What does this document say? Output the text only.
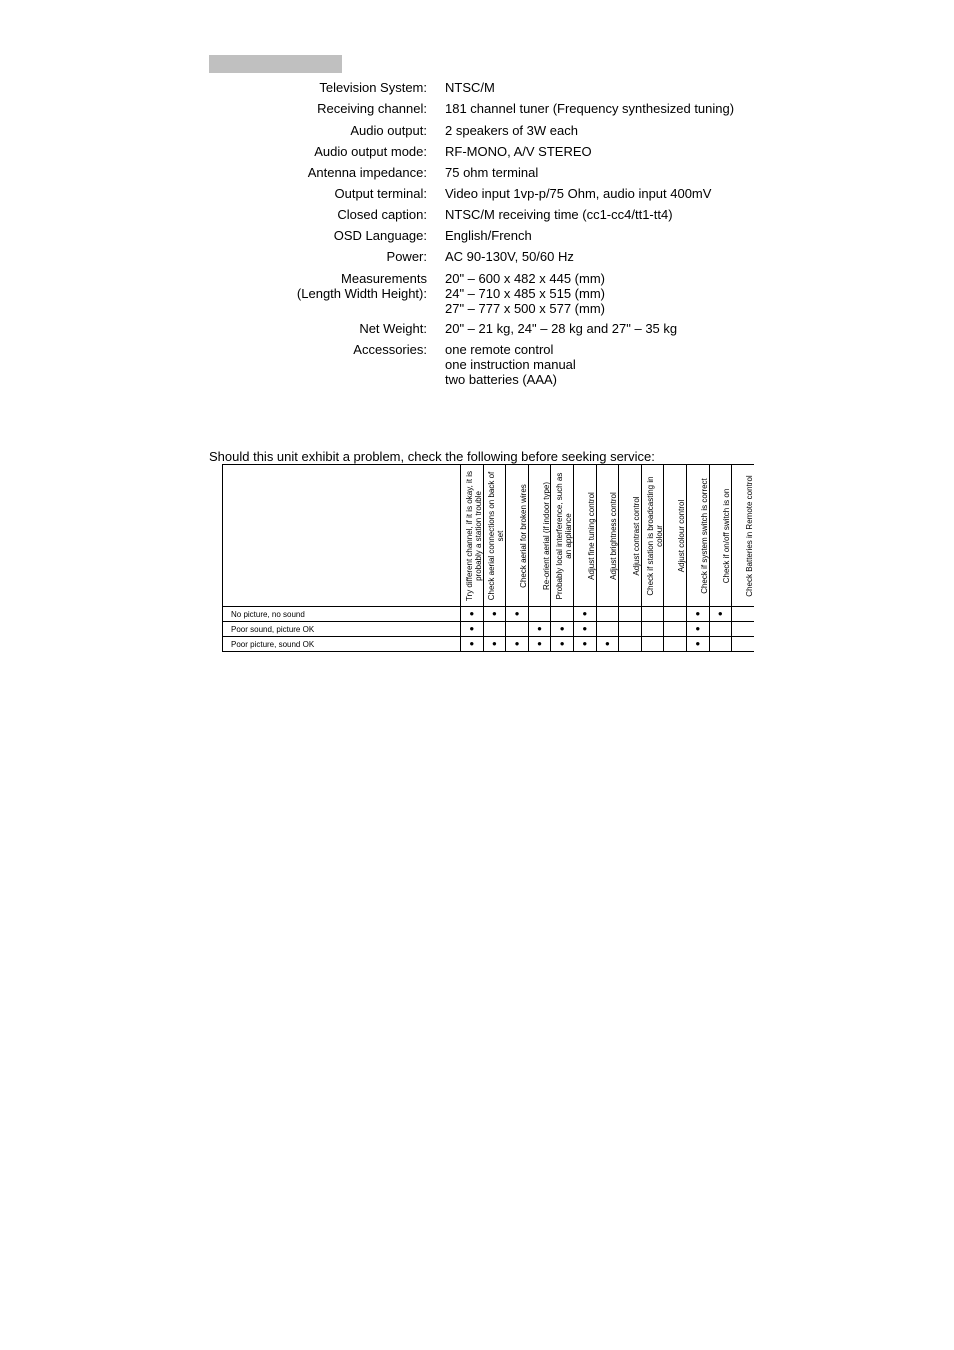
Television System: NTSC/M
Receiving channel: 181 channel tuner (Frequency synthesized tuning)
Audio output: 2 speakers of 3W each
Audio output mode: RF-MONO, A/V STEREO
Antenna impedance: 75 ohm terminal
Output terminal: Video input 1vp-p/75 Ohm, audio input 400mV
Closed caption: NTSC/M receiving time (cc1-cc4/tt1-tt4)
OSD Language: English/French
Power: AC 90-130V, 50/60 Hz
Measurements
(Length Width Height):
20" – 600 x 482 x 445 (mm)
24" – 710 x 485 x 515 (mm)
27" – 777 x 500 x 577 (mm)
Net Weight: 20" – 21 kg, 24" – 28 kg and 27" – 35 kg
Accessories: one remote control
one instruction manual
two batteries (AAA)
Should this unit exhibit a problem, check the following before seeking service:

	Try different channel, if it is okay, it is probably a station trouble	Check aerial connections on back of set	Check aerial for broken wires	Re-orient aerial (if indoor type)	Probably local interference, such as an appliance	Adjust fine tuning control	Adjust brightness control	Adjust contrast control	Check if station is broadcasting in colour	Adjust colour control	Check if system switch is correct	Check if on/off switch is on	Check Batteries in Remote control

No picture, no sound	●	●	●			●					●	●	
Poor sound, picture OK	●			●	●	●					●		
Poor picture, sound OK	●	●	●	●	●	●	●				●		
